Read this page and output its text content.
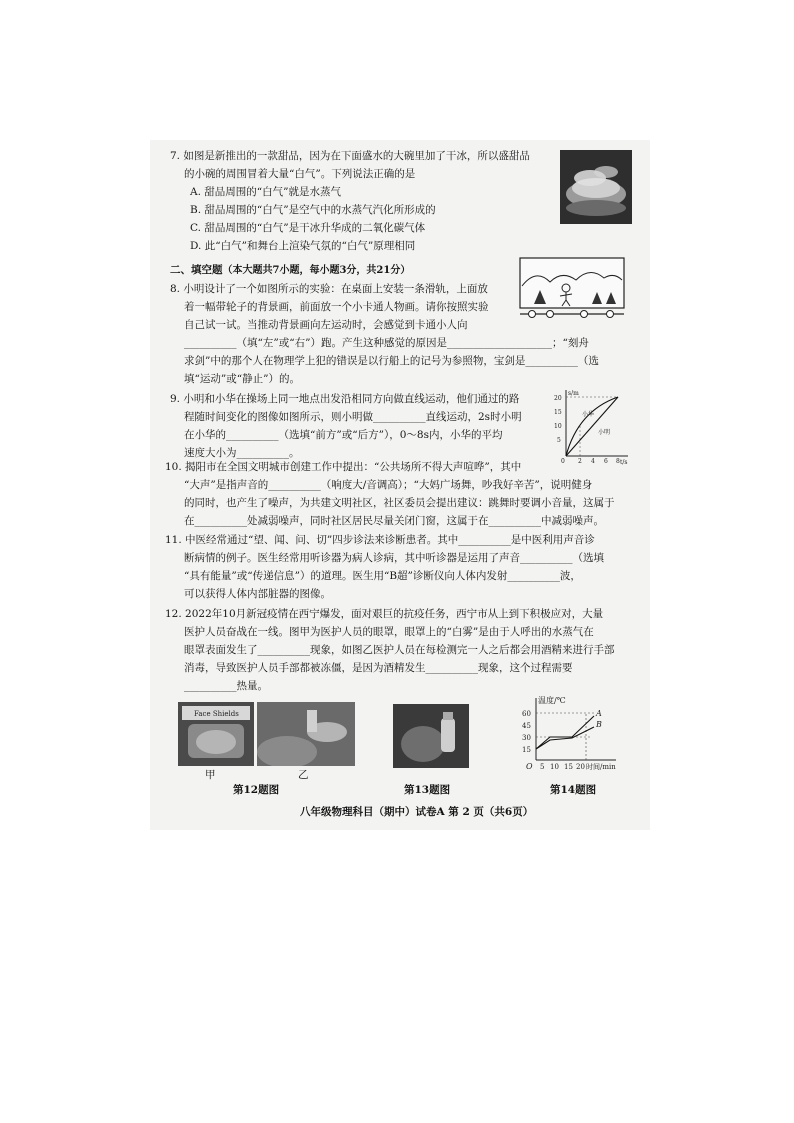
7. 如图是新推出的一款甜品，因为在下面盛水的大碗里加了干冰，所以盛甜品
的小碗的周围冒着大量“白气”。下列说法正确的是
A. 甜品周围的“白气”就是水蒸气
B. 甜品周围的“白气”是空气中的水蒸气汽化所形成的
C. 甜品周围的“白气”是干冰升华成的二氧化碳气体
D. 此“白气”和舞台上渲染气氛的“白气”原理相同
二、填空题（本大题共7小题，每小题3分，共21分）
8. 小明设计了一个如图所示的实验：在桌面上安装一条滑轨，上面放
着一幅带轮子的背景画，前面放一个小卡通人物画。请你按照实验
自己试一试。当推动背景画向左运动时，会感觉到卡通小人向
__________（填“左”或“右”）跑。产生这种感觉的原因是____________________；“刻舟
求剑”中的那个人在物理学上犯的错误是以行船上的记号为参照物，宝剑是__________（选
填“运动”或“静止”）的。
9. 小明和小华在操场上同一地点出发沿相同方向做直线运动，他们通过的路
程随时间变化的图像如图所示，则小明做__________直线运动，2s时小明
在小华的__________（选填“前方”或“后方”），0～8s内，小华的平均
速度大小为__________。
s/m
t/s
20
15
10
5
0 2 4 6 8
小华
小明
10. 揭阳市在全国文明城市创建工作中提出：“公共场所不得大声喧哗”，其中
“大声”是指声音的__________（响度大/音调高）；“大妈广场舞，吵我好辛苦”，说明健身
的同时，也产生了噪声，为共建文明社区，社区委员会提出建议：跳舞时要调小音量，这属于
在__________处减弱噪声，同时社区居民尽量关闭门窗，这属于在__________中减弱噪声。
11. 中医经常通过“望、闻、问、切”四步诊法来诊断患者。其中__________是中医利用声音诊
断病情的例子。医生经常用听诊器为病人诊病，其中听诊器是运用了声音__________（选填
“具有能量”或“传递信息”）的道理。医生用“B超”诊断仪向人体内发射__________波，
可以获得人体内部脏器的图像。
12. 2022年10月新冠疫情在西宁爆发，面对艰巨的抗疫任务，西宁市从上到下积极应对，大量
医护人员奋战在一线。图甲为医护人员的眼罩，眼罩上的“白雾”是由于人呼出的水蒸气在
眼罩表面发生了__________现象，如图乙医护人员在每检测完一人之后都会用酒精来进行手部
消毒，导致医护人员手部都被冻僵，是因为酒精发生__________现象，这个过程需要
__________热量。
Face Shields
甲	乙
第12题图	第13题图
温度/℃
60
45
30
15
O 5 10 15 20 时间/min
A
B
第14题图
八年级物理科目（期中）试卷A 第 2 页（共6页）
